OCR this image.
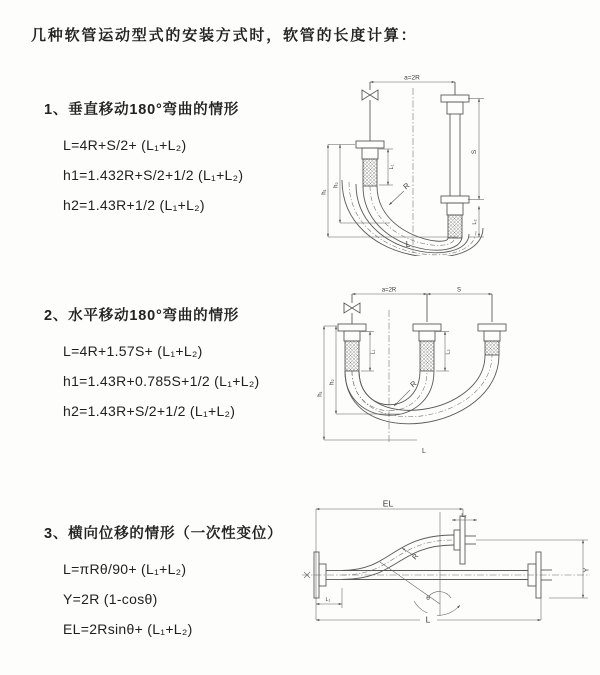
几种软管运动型式的安装方式时，软管的长度计算：
1、垂直移动180°弯曲的情形
L=4R+S/2+ (L₁+L₂)
h1=1.432R+S/2+1/2 (L₁+L₂)
h2=1.43R+1/2 (L₁+L₂)
2、水平移动180°弯曲的情形
L=4R+1.57S+ (L₁+L₂)
h1=1.43R+0.785S+1/2 (L₁+L₂)
h2=1.43R+S/2+1/2 (L₁+L₂)
3、横向位移的情形（一次性变位）
L=πRθ/90+ (L₁+L₂)
Y=2R (1-cosθ)
EL=2Rsinθ+ (L₁+L₂)
a=2R
S
L₂
L₁
h₁
h₂	R
L
a=2R	S
h₁
h₂
L₁	L₂
R
L
EL
L₂
Y
L
L₁
R
θ
